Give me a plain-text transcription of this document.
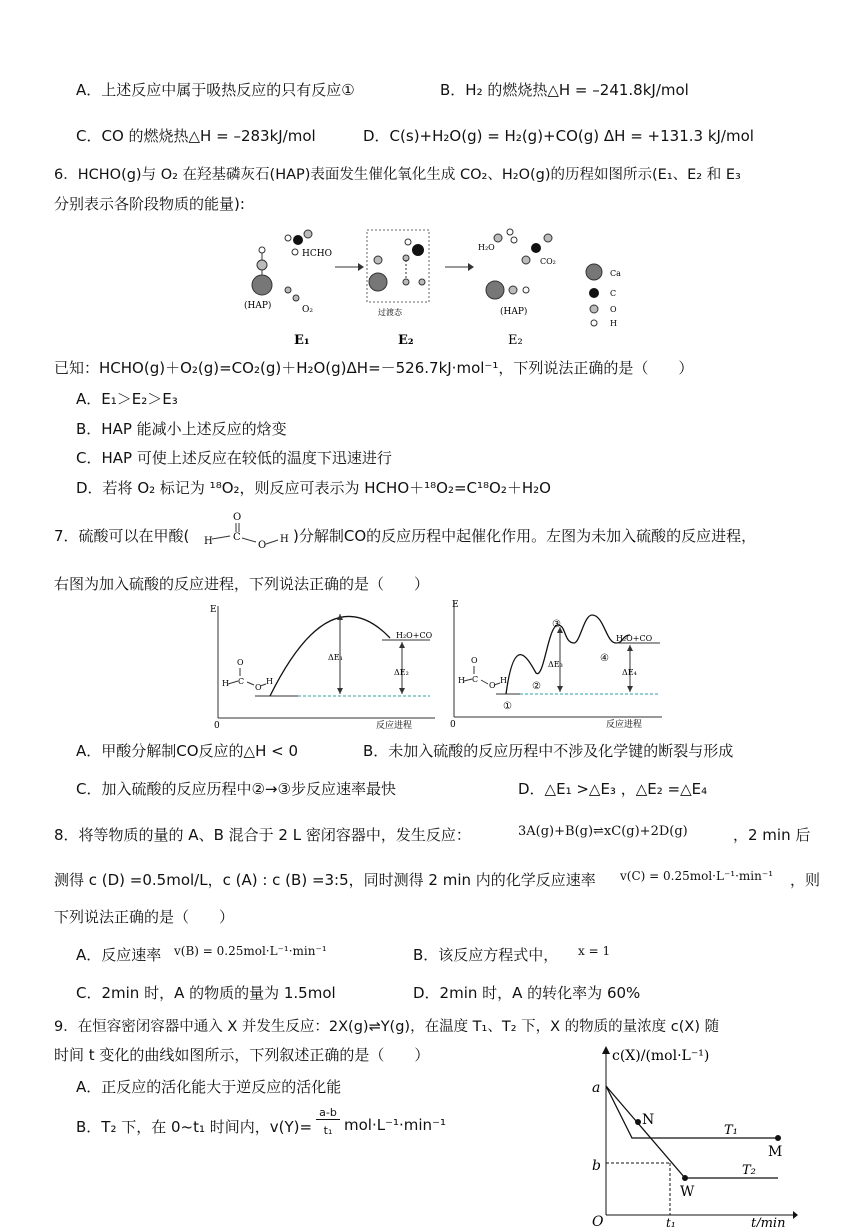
A．上述反应中属于吸热反应的只有反应①	B．H₂ 的燃烧热△H = –241.8kJ/mol
C．CO 的燃烧热△H = –283kJ/mol	D．C(s)+H₂O(g) = H₂(g)+CO(g) ΔH = +131.3 kJ/mol
6．HCHO(g)与 O₂ 在羟基磷灰石(HAP)表面发生催化氧化生成 CO₂、H₂O(g)的历程如图所示(E₁、E₂ 和 E₃
分别表示各阶段物质的能量):
(HAP)
HCHO
O₂	过渡态
H₂O
CO₂
(HAP)
Ca
C
O
H
E₁	E₂	E₂
已知：HCHO(g)＋O₂(g)=CO₂(g)＋H₂O(g)ΔH=－526.7kJ·mol⁻¹，下列说法正确的是（　　）
A．E₁＞E₂＞E₃
B．HAP 能减小上述反应的焓变
C．HAP 可使上述反应在较低的温度下迅速进行
D．若将 O₂ 标记为 ¹⁸O₂，则反应可表示为 HCHO＋¹⁸O₂=C¹⁸O₂＋H₂O
7．硫酸可以在甲酸(
O
H C
O
H )分解制CO的反应历程中起催化作用。左图为未加入硫酸的反应进程，
右图为加入硫酸的反应进程，下列说法正确的是（　　）
E
0	反应进程
H C
O
O
H
ΔE₁
ΔE₂
H₂O+CO
E
0	反应进程
H C
O
O
H
ΔE₃
ΔE₄
H₂O+CO
①
②
③
④
A．甲酸分解制CO反应的△H < 0	B．未加入硫酸的反应历程中不涉及化学键的断裂与形成
C．加入硫酸的反应历程中②→③步反应速率最快	D．△E₁ >△E₃ ，△E₂ =△E₄
8．将等物质的量的 A、B 混合于 2 L 密闭容器中，发生反应：	3A(g)+B(g)⇌xC(g)+2D(g)	，2 min 后
测得 c (D) =0.5mol/L，c (A) : c (B) =3:5，同时测得 2 min 内的化学反应速率 v(C) = 0.25mol·L⁻¹·min⁻¹ ，则
下列说法正确的是（　　）
A．反应速率 v(B) = 0.25mol·L⁻¹·min⁻¹	B．该反应方程式中， x = 1
C．2min 时，A 的物质的量为 1.5mol	D．2min 时，A 的转化率为 60%
9．在恒容密闭容器中通入 X 并发生反应：2X(g)⇌Y(g)，在温度 T₁、T₂ 下，X 的物质的量浓度 c(X) 随
时间 t 变化的曲线如图所示，下列叙述正确的是（　　）
A．正反应的活化能大于逆反应的活化能
B．T₂ 下，在 0~t₁ 时间内，v(Y)=
a-b
t₁ mol·L⁻¹·min⁻¹
c(X)/(mol·L⁻¹)
a
b
O	t₁	t/min
N
M
W
T₁
T₂
